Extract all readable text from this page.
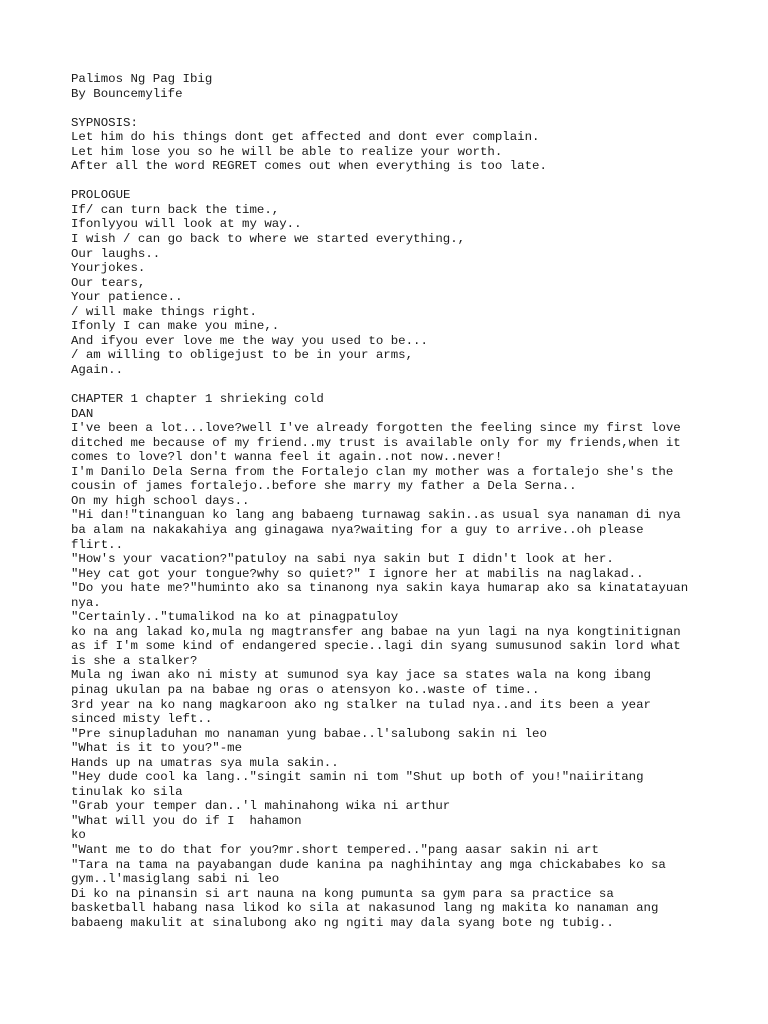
Palimos Ng Pag Ibig
By Bouncemylife
SYPNOSIS:
Let him do his things dont get affected and dont ever complain.
Let him lose you so he will be able to realize your worth.
After all the word REGRET comes out when everything is too late.
PROLOGUE
If/ can turn back the time.,
Ifonlyyou will look at my way..
I wish / can go back to where we started everything.,
Our laughs..
Yourjokes.
Our tears,
Your patience..
/ will make things right.
Ifonly I can make you mine,.
And ifyou ever love me the way you used to be...
/ am willing to obligejust to be in your arms,
Again..
CHAPTER 1 chapter 1 shrieking cold
DAN
I've been a lot...love?well I've already forgotten the feeling since my first love
ditched me because of my friend..my trust is available only for my friends,when it
comes to love?l don't wanna feel it again..not now..never!
I'm Danilo Dela Serna from the Fortalejo clan my mother was a fortalejo she's the
cousin of james fortalejo..before she marry my father a Dela Serna..
On my high school days..
"Hi dan!"tinanguan ko lang ang babaeng turnawag sakin..as usual sya nanaman di nya
ba alam na nakakahiya ang ginagawa nya?waiting for a guy to arrive..oh please
flirt..
"How's your vacation?"patuloy na sabi nya sakin but I didn't look at her.
"Hey cat got your tongue?why so quiet?" I ignore her at mabilis na naglakad..
"Do you hate me?"huminto ako sa tinanong nya sakin kaya humarap ako sa kinatatayuan
nya.
"Certainly.."tumalikod na ko at pinagpatuloy
ko na ang lakad ko,mula ng magtransfer ang babae na yun lagi na nya kongtinitignan
as if I'm some kind of endangered specie..lagi din syang sumusunod sakin lord what
is she a stalker?
Mula ng iwan ako ni misty at sumunod sya kay jace sa states wala na kong ibang
pinag ukulan pa na babae ng oras o atensyon ko..waste of time..
3rd year na ko nang magkaroon ako ng stalker na tulad nya..and its been a year
sinced misty left..
"Pre sinupladuhan mo nanaman yung babae..l'salubong sakin ni leo
"What is it to you?"-me
Hands up na umatras sya mula sakin..
"Hey dude cool ka lang.."singit samin ni tom "Shut up both of you!"naiiritang
tinulak ko sila
"Grab your temper dan..'l mahinahong wika ni arthur
"What will you do if I  hahamon
ko
"Want me to do that for you?mr.short tempered.."pang aasar sakin ni art
"Tara na tama na payabangan dude kanina pa naghihintay ang mga chickababes ko sa
gym..l'masiglang sabi ni leo
Di ko na pinansin si art nauna na kong pumunta sa gym para sa practice sa
basketball habang nasa likod ko sila at nakasunod lang ng makita ko nanaman ang
babaeng makulit at sinalubong ako ng ngiti may dala syang bote ng tubig..
